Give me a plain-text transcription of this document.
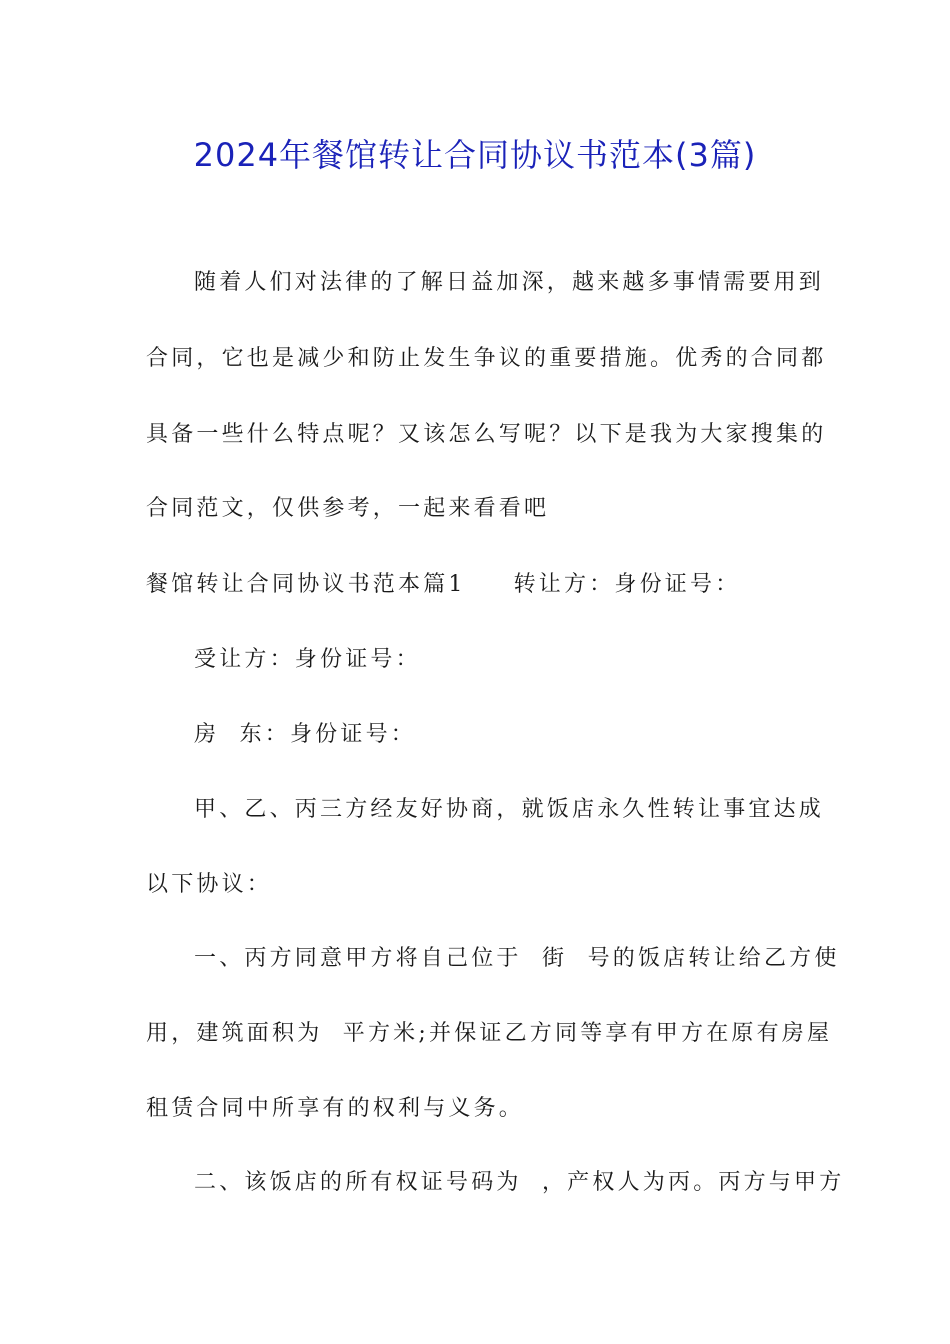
2024年餐馆转让合同协议书范本(3篇)
随着人们对法律的了解日益加深，越来越多事情需要用到
合同，它也是减少和防止发生争议的重要措施。优秀的合同都
具备一些什么特点呢？又该怎么写呢？以下是我为大家搜集的
合同范文，仅供参考，一起来看看吧
餐馆转让合同协议书范本篇1 转让方：身份证号：
受让方：身份证号：
房  东：身份证号：
甲、乙、丙三方经友好协商，就饭店永久性转让事宜达成
以下协议：
一、丙方同意甲方将自己位于  街  号的饭店转让给乙方使
用，建筑面积为  平方米;并保证乙方同等享有甲方在原有房屋
租赁合同中所享有的权利与义务。
二、该饭店的所有权证号码为  ，产权人为丙。丙方与甲方
